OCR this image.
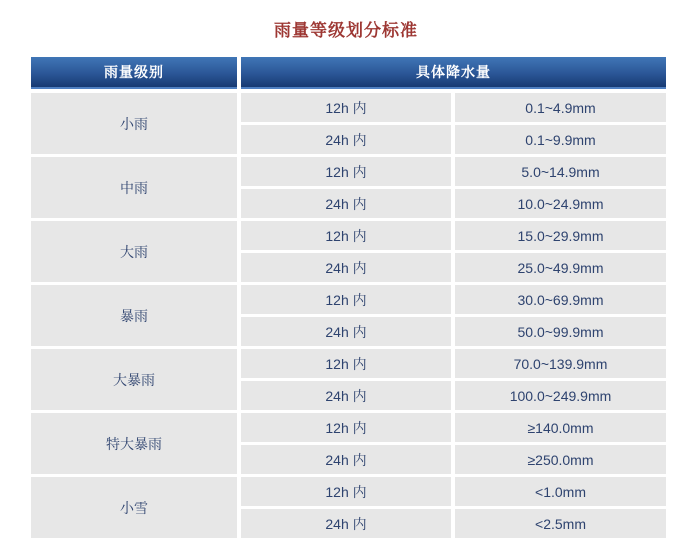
雨量等级划分标准
雨量级别	具体降水量
小雨
12h 内	0.1~4.9mm
24h 内	0.1~9.9mm
中雨
12h 内	5.0~14.9mm
24h 内	10.0~24.9mm
大雨
12h 内	15.0~29.9mm
24h 内	25.0~49.9mm
暴雨
12h 内	30.0~69.9mm
24h 内	50.0~99.9mm
大暴雨
12h 内	70.0~139.9mm
24h 内	100.0~249.9mm
特大暴雨
12h 内	≥140.0mm
24h 内	≥250.0mm
小雪
12h 内	<1.0mm
24h 内	<2.5mm
